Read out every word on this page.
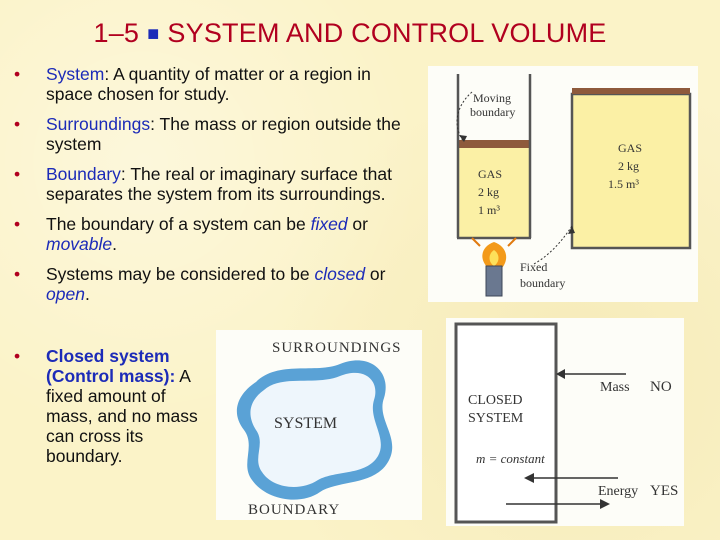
1–5 ■ SYSTEM AND CONTROL VOLUME
• System: A quantity of matter or a region in space chosen for study.
• Surroundings: The mass or region outside the system
• Boundary: The real or imaginary surface that separates the system from its surroundings.
• The boundary of a system can be fixed or movable.
• Systems may be considered to be closed or open.
• Closed system (Control mass): A fixed amount of mass, and no mass can cross its boundary.
Moving
boundary
GAS
2 kg
1 m³
GAS
2 kg
1.5 m³
Fixed
boundary
SURROUNDINGS
SYSTEM
BOUNDARY
CLOSED
SYSTEM
m = constant
Mass NO
Energy YES
